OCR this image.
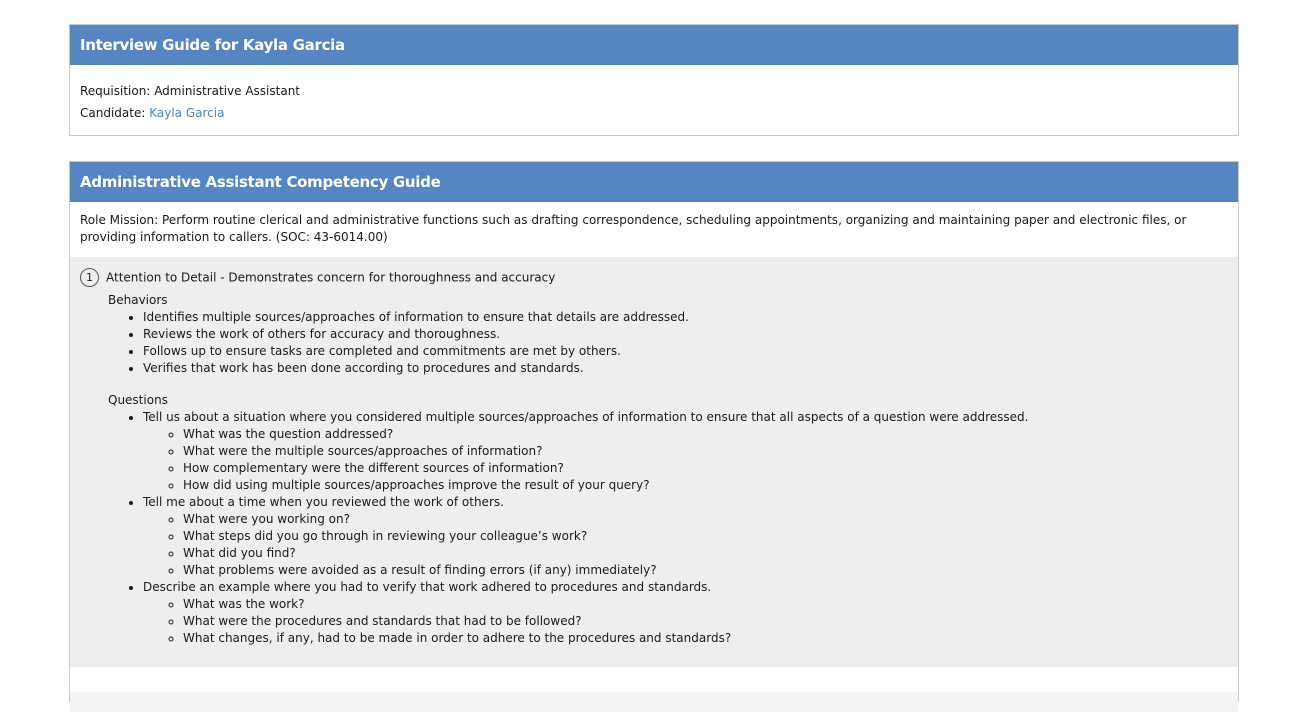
Interview Guide for Kayla Garcia
Requisition: Administrative Assistant
Candidate: Kayla Garcia
Administrative Assistant Competency Guide
Role Mission: Perform routine clerical and administrative functions such as drafting correspondence, scheduling appointments, organizing and maintaining paper and electronic files, or providing information to callers. (SOC: 43-6014.00)
1 Attention to Detail - Demonstrates concern for thoroughness and accuracy
Behaviors
• Identifies multiple sources/approaches of information to ensure that details are addressed.
• Reviews the work of others for accuracy and thoroughness.
• Follows up to ensure tasks are completed and commitments are met by others.
• Verifies that work has been done according to procedures and standards.
Questions
• Tell us about a situation where you considered multiple sources/approaches of information to ensure that all aspects of a question were addressed.
◦ What was the question addressed?
◦ What were the multiple sources/approaches of information?
◦ How complementary were the different sources of information?
◦ How did using multiple sources/approaches improve the result of your query?
• Tell me about a time when you reviewed the work of others.
◦ What were you working on?
◦ What steps did you go through in reviewing your colleague’s work?
◦ What did you find?
◦ What problems were avoided as a result of finding errors (if any) immediately?
• Describe an example where you had to verify that work adhered to procedures and standards.
◦ What was the work?
◦ What were the procedures and standards that had to be followed?
◦ What changes, if any, had to be made in order to adhere to the procedures and standards?
